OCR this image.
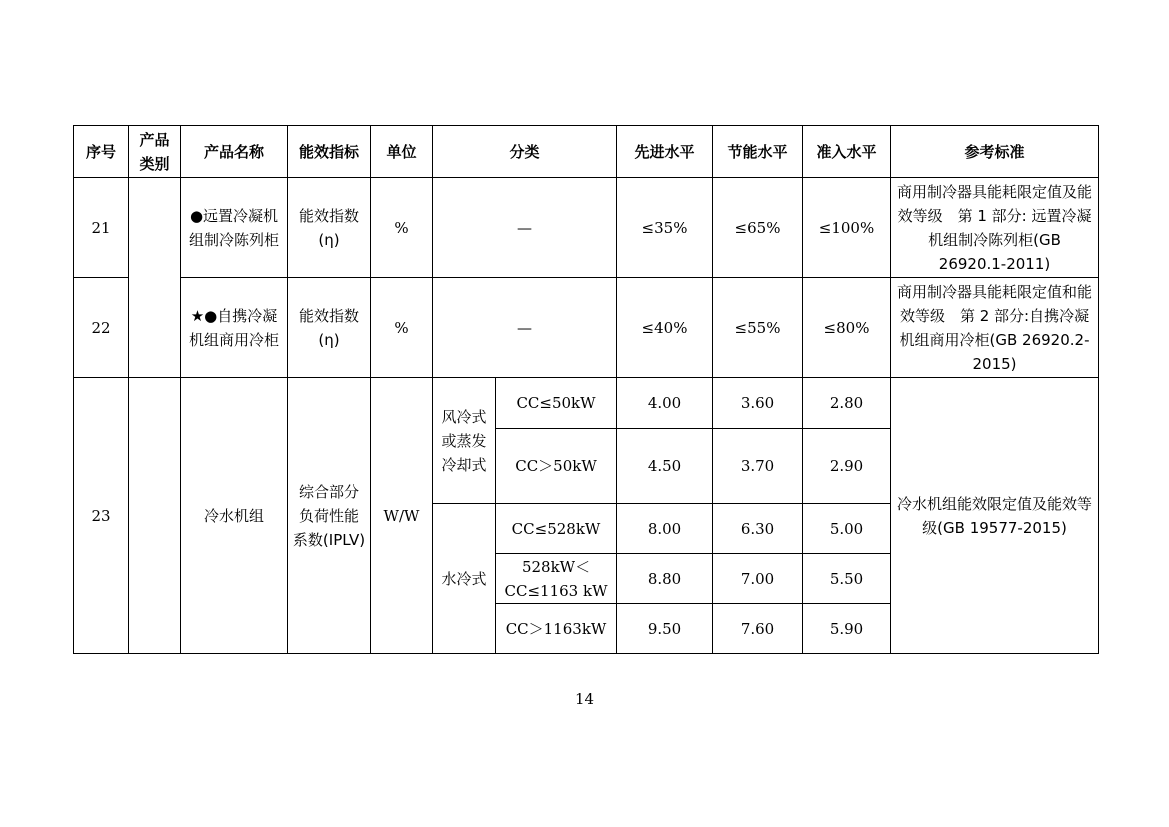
序号	产品类别	产品名称	能效指标	单位	分类		先进水平	节能水平	准入水平	参考标准
21		●远置冷凝机组制冷陈列柜	能效指数(η)	%	—		≤35%	≤65%	≤100%	商用制冷器具能耗限定值及能效等级　第 1 部分: 远置冷凝机组制冷陈列柜(GB 26920.1-2011)
22		★●自携冷凝机组商用冷柜	能效指数(η)	%	—		≤40%	≤55%	≤80%	商用制冷器具能耗限定值和能效等级　第 2 部分:自携冷凝机组商用冷柜(GB 26920.2-2015)
23		冷水机组	综合部分负荷性能系数(IPLV)	W/W	风冷式或蒸发冷却式	CC≤50kW	4.00	3.60	2.80	冷水机组能效限定值及能效等级(GB 19577-2015)
						CC＞50kW	4.50	3.70	2.90	
					水冷式	CC≤528kW	8.00	6.30	5.00	
						528kW＜CC≤1163 kW	8.80	7.00	5.50	
						CC＞1163kW	9.50	7.60	5.90	
14
